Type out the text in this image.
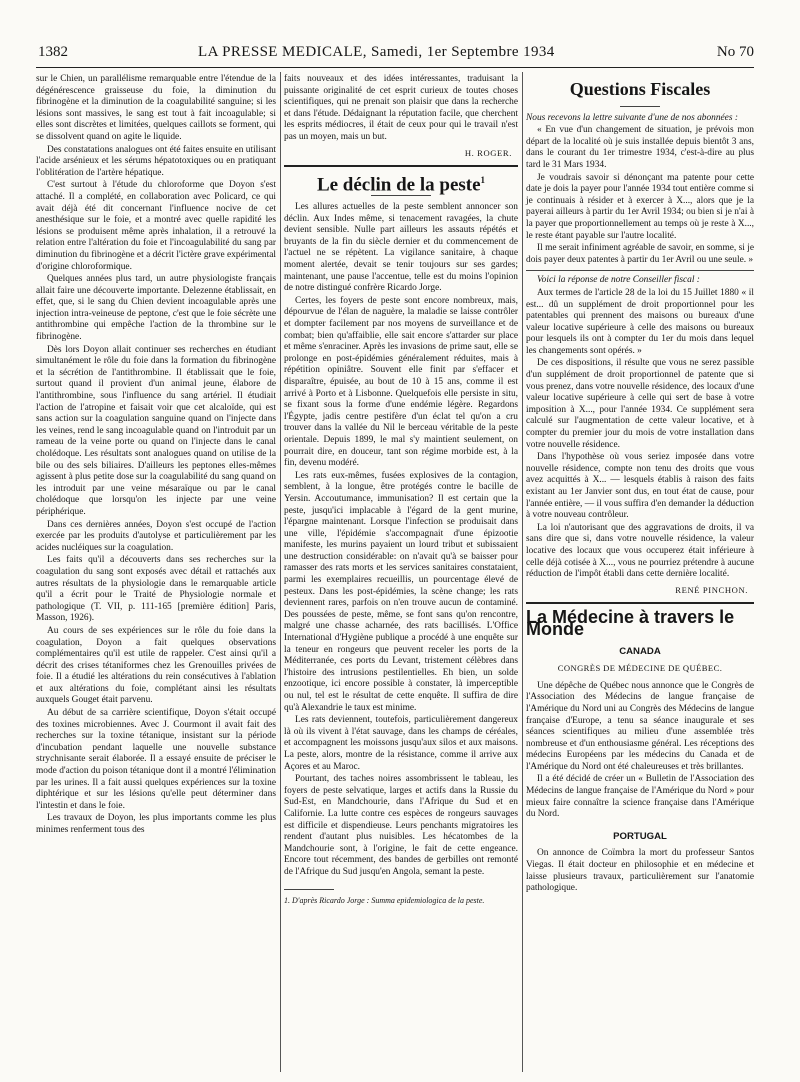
1382	LA PRESSE MEDICALE, Samedi, 1er Septembre 1934	No 70

sur le Chien, un parallélisme remarquable entre l'étendue de la dégénérescence graisseuse du foie, la diminution du fibrinogène et la diminution de la coagulabilité sanguine; si les lésions sont massives, le sang est tout à fait incoagulable; si elles sont discrètes et limitées, quelques caillots se forment, qui se dissolvent quand on agite le liquide.

Des constatations analogues ont été faites ensuite en utilisant l'acide arsénieux et les sérums hépatotoxiques ou en pratiquant l'oblitération de l'artère hépatique.

C'est surtout à l'étude du chloroforme que Doyon s'est attaché. Il a complété, en collaboration avec Policard, ce qui avait déjà été dit concernant l'influence nocive de cet anesthésique sur le foie, et a montré avec quelle rapidité les lésions se produisent même après inhalation, il a retrouvé la relation entre l'altération du foie et l'incoagulabilité du sang par diminution du fibrinogène et a décrit l'ictère grave expérimental d'origine chloroformique.

Quelques années plus tard, un autre physiologiste français allait faire une découverte importante. Delezenne établissait, en effet, que, si le sang du Chien devient incoagulable après une injection intra-veineuse de peptone, c'est que le foie sécrète une antithrombine qui empêche l'action de la thrombine sur le fibrinogène.

Dès lors Doyon allait continuer ses recherches en étudiant simultanément le rôle du foie dans la formation du fibrinogène et la sécrétion de l'antithrombine. Il établissait que le foie, surtout quand il provient d'un animal jeune, élabore de l'antithrombine, sous l'influence du sang artériel. Il étudiait l'action de l'atropine et faisait voir que cet alcaloïde, qui est sans action sur la coagulation sanguine quand on l'injecte dans les veines, rend le sang incoagulable quand on l'introduit par un rameau de la veine porte ou quand on l'injecte dans le canal cholédoque. Les résultats sont analogues quand on utilise de la bile ou des sels biliaires. D'ailleurs les peptones elles-mêmes agissent à plus petite dose sur la coagulabilité du sang quand on les introduit par une veine mésaraïque ou par le canal cholédoque que lorsqu'on les injecte par une veine périphérique.

Dans ces dernières années, Doyon s'est occupé de l'action exercée par les produits d'autolyse et particulièrement par les acides nucléiques sur la coagulation.

Les faits qu'il a découverts dans ses recherches sur la coagulation du sang sont exposés avec détail et rattachés aux autres résultats de la physiologie dans le remarquable article qu'il a écrit pour le Traité de Physiologie normale et pathologique (T. VII, p. 111-165 [première édition] Paris, Masson, 1926).

Au cours de ses expériences sur le rôle du foie dans la coagulation, Doyon a fait quelques observations complémentaires qu'il est utile de rappeler. C'est ainsi qu'il a décrit des crises tétaniformes chez les Grenouilles privées de foie. Il a étudié les altérations du rein consécutives à l'ablation et aux altérations du foie, complétant ainsi les résultats auxquels Gouget était parvenu.

Au début de sa carrière scientifique, Doyon s'était occupé des toxines microbiennes. Avec J. Courmont il avait fait des recherches sur la toxine tétanique, insistant sur la période d'incubation pendant laquelle une nouvelle substance strychnisante serait élaborée. Il a essayé ensuite de préciser le mode d'action du poison tétanique dont il a montré l'élimination par les urines. Il a fait aussi quelques expériences sur la toxine diphtérique et sur les lésions qu'elle peut déterminer dans l'intestin et dans le foie.

Les travaux de Doyon, les plus importants comme les plus minimes renferment tous des

faits nouveaux et des idées intéressantes, traduisant la puissante originalité de cet esprit curieux de toutes choses scientifiques, qui ne prenait son plaisir que dans la recherche et dans l'étude. Dédaignant la réputation facile, que cherchent les esprits médiocres, il était de ceux pour qui le travail n'est pas un moyen, mais un but.

H. ROGER.
Le déclin de la peste$^1$

Les allures actuelles de la peste semblent annoncer son déclin. Aux Indes même, si tenacement ravagées, la chute devient sensible. Nulle part ailleurs les assauts répétés et bruyants de la fin du siècle dernier et du commencement de l'actuel ne se répètent. La vigilance sanitaire, à chaque moment alertée, devait se tenir toujours sur ses gardes; maintenant, une pause l'accentue, telle est du moins l'opinion de notre distingué confrère Ricardo Jorge.

Certes, les foyers de peste sont encore nombreux, mais, dépourvue de l'élan de naguère, la maladie se laisse contrôler et dompter facilement par nos moyens de surveillance et de combat; bien qu'affaiblie, elle sait encore s'attarder sur place et même s'enraciner. Après les invasions de prime saut, elle se prolonge en post-épidémies généralement réduites, mais à répétition opiniâtre. Souvent elle finit par s'effacer et disparaître, épuisée, au bout de 10 à 15 ans, comme il est arrivé à Porto et à Lisbonne. Quelquefois elle persiste in situ, se fixant sous la forme d'une endémie légère. Regardons l'Égypte, jadis centre pestifère d'un éclat tel qu'on a cru trouver dans la vallée du Nil le berceau véritable de la peste orientale. Depuis 1899, le mal s'y maintient seulement, on pourrait dire, en douceur, tant son régime morbide est, à la fin, devenu modéré.

Les rats eux-mêmes, fusées explosives de la contagion, semblent, à la longue, être protégés contre le bacille de Yersin. Accoutumance, immunisation? Il est certain que la peste, jusqu'ici implacable à l'égard de la gent murine, l'épargne maintenant. Lorsque l'infection se produisait dans une ville, l'épidémie s'accompagnait d'une épizootie manifeste, les murins payaient un lourd tribut et subissaient une destruction considérable: on n'avait qu'à se baisser pour ramasser des rats morts et les services sanitaires constataient, parmi les exemplaires recueillis, un pourcentage élevé de pesteux. Dans les post-épidémies, la scène change; les rats deviennent rares, parfois on n'en trouve aucun de contaminé. Des poussées de peste, même, se font sans qu'on rencontre, malgré une chasse acharnée, des rats bacillisés. L'Office International d'Hygiène publique a procédé à une enquête sur la teneur en rongeurs que peuvent receler les ports de la Méditerranée, ces ports du Levant, tristement célèbres dans l'histoire des intrusions pestilentielles. Eh bien, un solde enzootique, ici encore possible à constater, là imperceptible ou nul, tel est le résultat de cette enquête. Il suffira de dire qu'à Alexandrie le taux est minime.

Les rats deviennent, toutefois, particulièrement dangereux là où ils vivent à l'état sauvage, dans les champs de céréales, et accompagnent les moissons jusqu'aux silos et aux maisons. La peste, alors, montre de la résistance, comme il arrive aux Açores et au Maroc.

Pourtant, des taches noires assombrissent le tableau, les foyers de peste selvatique, larges et actifs dans la Russie du Sud-Est, en Mandchourie, dans l'Afrique du Sud et en Californie. La lutte contre ces espèces de rongeurs sauvages est difficile et dispendieuse. Leurs penchants migratoires les rendent d'autant plus nuisibles. Les hécatombes de la Mandchourie sont, à l'origine, le fait de cette engeance. Encore tout récemment, des bandes de gerbilles ont remonté de l'Afrique du Sud jusqu'en Angola, semant la peste.

1. D'après Ricardo Jorge : Summa epidemiologica de la peste.
Questions Fiscales

Nous recevons la lettre suivante d'une de nos abonnées :

« En vue d'un changement de situation, je prévois mon départ de la localité où je suis installée depuis bientôt 3 ans, dans le courant du 1er trimestre 1934, c'est-à-dire au plus tard le 31 Mars 1934.

Je voudrais savoir si dénonçant ma patente pour cette date je dois la payer pour l'année 1934 tout entière comme si je continuais à résider et à exercer à X..., alors que je la payerai ailleurs à partir du 1er Avril 1934; ou bien si je n'ai à la payer que proportionnellement au temps où je reste à X..., le reste étant payable sur l'autre localité.

Il me serait infiniment agréable de savoir, en somme, si je dois payer deux patentes à partir du 1er Avril ou une seule. »

Voici la réponse de notre Conseiller fiscal :

Aux termes de l'article 28 de la loi du 15 Juillet 1880 « il est... dû un supplément de droit proportionnel pour les patentables qui prennent des maisons ou bureaux d'une valeur locative supérieure à celle des maisons ou bureaux pour lesquels ils ont à compter du 1er du mois dans lequel les changements sont opérés. »

De ces dispositions, il résulte que vous ne serez passible d'un supplément de droit proportionnel de patente que si vous prenez, dans votre nouvelle résidence, des locaux d'une valeur locative supérieure à celle qui sert de base à votre imposition à X..., pour l'année 1934. Ce supplément sera calculé sur l'augmentation de cette valeur locative, et à compter du premier jour du mois de votre installation dans votre nouvelle résidence.

Dans l'hypothèse où vous seriez imposée dans votre nouvelle résidence, compte non tenu des droits que vous avez acquittés à X... — lesquels établis à raison des faits existant au 1er Janvier sont dus, en tout état de cause, pour l'année entière, — il vous suffira d'en demander la déduction à votre nouveau contrôleur.

La loi n'autorisant que des aggravations de droits, il va sans dire que si, dans votre nouvelle résidence, la valeur locative des locaux que vous occuperez était inférieure à celle déjà cotisée à X..., vous ne pourriez prétendre à aucune réduction de l'impôt établi dans cette dernière localité.

RENÉ PINCHON.
La Médecine à travers le Monde
CANADA
CONGRÈS DE MÉDECINE DE QUÉBEC.

Une dépêche de Québec nous annonce que le Congrès de l'Association des Médecins de langue française de l'Amérique du Nord uni au Congrès des Médecins de langue française d'Europe, a tenu sa séance inaugurale et ses séances scientifiques au milieu d'une assemblée très nombreuse et d'un enthousiasme général. Les réceptions des médecins Européens par les médecins du Canada et de l'Amérique du Nord ont été chaleureuses et très brillantes.

Il a été décidé de créer un « Bulletin de l'Association des Médecins de langue française de l'Amérique du Nord » pour mieux faire connaître la science française dans l'Amérique du Nord.

PORTUGAL

On annonce de Coïmbra la mort du professeur Santos Viegas. Il était docteur en philosophie et en médecine et laisse plusieurs travaux, particulièrement sur l'anatomie pathologique.
